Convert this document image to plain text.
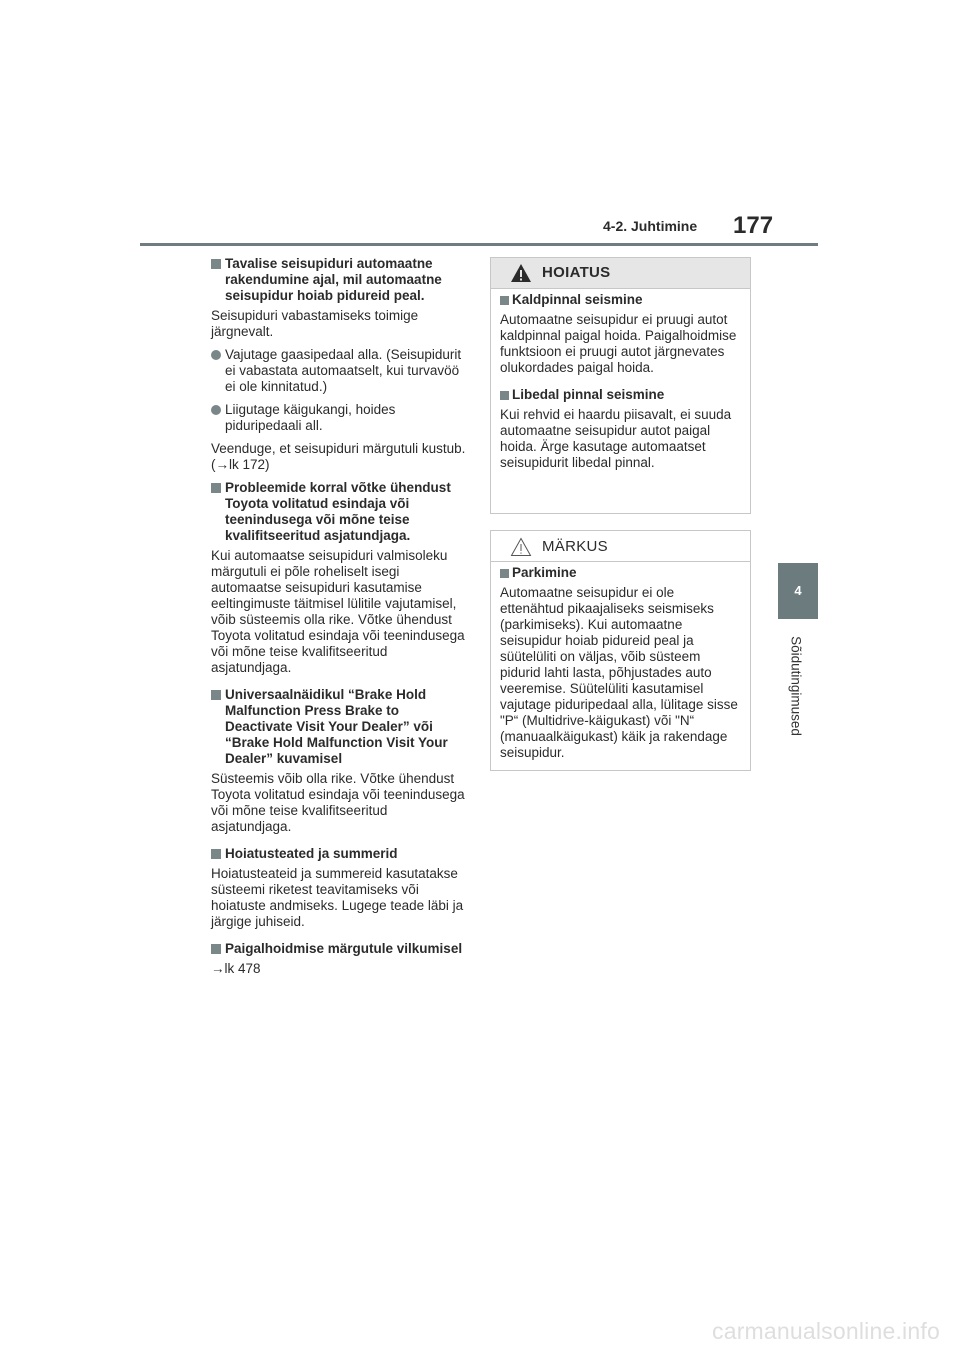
4-2. Juhtimine 177
4
Sõidutingimused
Tavalise seisupiduri automaatne rakendumine ajal, mil automaatne seisupidur hoiab pidureid peal.

Seisupiduri vabastamiseks toimige järgnevalt.

Vajutage gaasipedaal alla. (Seisupidurit ei vabastata automaatselt, kui turvavöö ei ole kinnitatud.)
Liigutage käigukangi, hoides piduripedaali all.

Veenduge, et seisupiduri märgutuli kustub. (→lk 172)

Probleemide korral võtke ühendust Toyota volitatud esindaja või teenindusega või mõne teise kvalifitseeritud asjatundjaga.

Kui automaatse seisupiduri valmisoleku märgutuli ei põle roheliselt isegi automaatse seisupiduri kasutamise eeltingimuste täitmisel lülitile vajutamisel, võib süsteemis olla rike. Võtke ühendust Toyota volitatud esindaja või teenindusega või mõne teise kvalifitseeritud asjatundjaga.

Universaalnäidikul “Brake Hold Malfunction Press Brake to Deactivate Visit Your Dealer” või “Brake Hold Malfunction Visit Your Dealer” kuvamisel

Süsteemis võib olla rike. Võtke ühendust Toyota volitatud esindaja või teenindusega või mõne teise kvalifitseeritud asjatundjaga.

Hoiatusteated ja summerid

Hoiatusteateid ja summereid kasutatakse süsteemi riketest teavitamiseks või hoiatuste andmiseks. Lugege teade läbi ja järgige juhiseid.

Paigalhoidmise märgutule vilkumisel

→lk 478

HOIATUS
Kaldpinnal seismine

Automaatne seisupidur ei pruugi autot kaldpinnal paigal hoida. Paigalhoidmise funktsioon ei pruugi autot järgnevates olukordades paigal hoida.

Libedal pinnal seismine

Kui rehvid ei haardu piisavalt, ei suuda automaatne seisupidur autot paigal hoida. Ärge kasutage automaatset seisupidurit libedal pinnal.

MÄRKUS
Parkimine

Automaatne seisupidur ei ole ettenähtud pikaajaliseks seismiseks (parkimiseks). Kui automaatne seisupidur hoiab pidureid peal ja süütelüliti on väljas, võib süsteem pidurid lahti lasta, põhjustades auto veeremise. Süütelüliti kasutamisel vajutage piduripedaal alla, lülitage sisse "P“ (Multidrive-käigukast) või "N“ (manuaalkäigukast) käik ja rakendage seisupidur.

carmanualsonline.info
